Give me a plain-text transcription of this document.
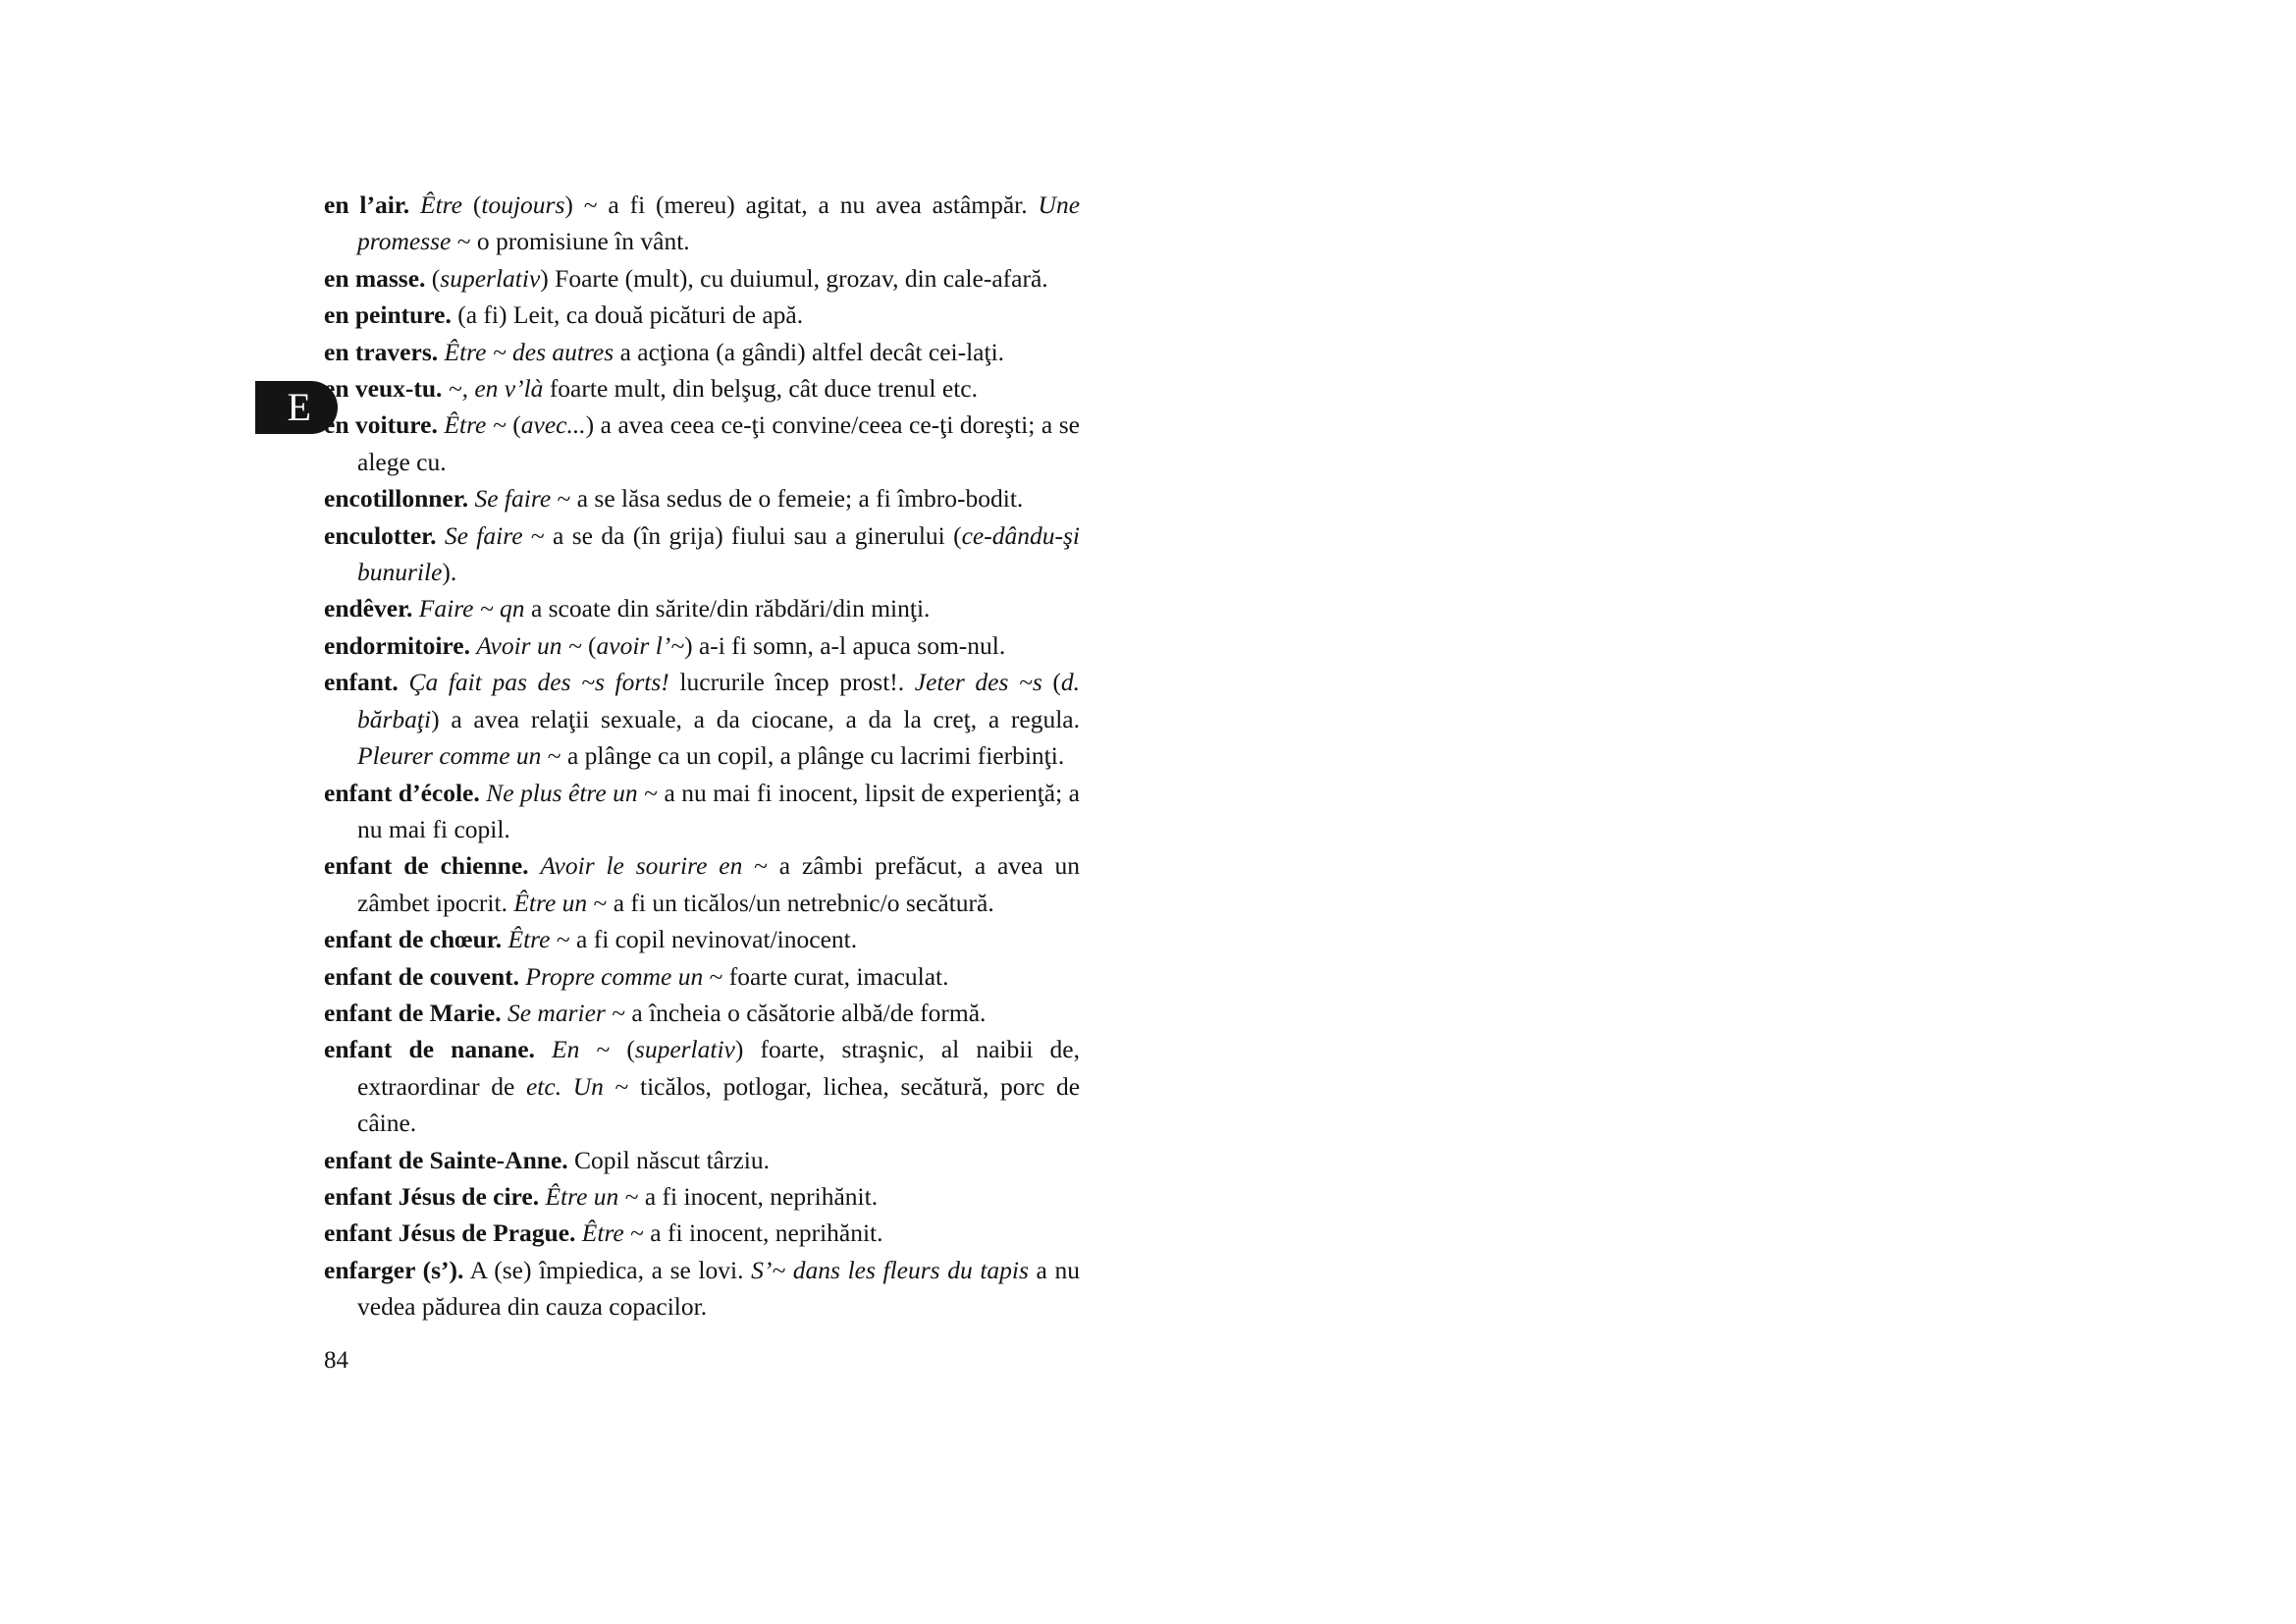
E

en l’air. Être (toujours) ~ a fi (mereu) agitat, a nu avea astâmpăr. Une promesse ~ o promisiune în vânt.

en masse. (superlativ) Foarte (mult), cu duiumul, grozav, din cale-afară.

en peinture. (a fi) Leit, ca două picături de apă.

en travers. Être ~ des autres a acţiona (a gândi) altfel decât cei-laţi.

en veux-tu. ~, en v’là foarte mult, din belşug, cât duce trenul etc.

en voiture. Être ~ (avec...) a avea ceea ce-ţi convine/ceea ce-ţi doreşti; a se alege cu.

encotillonner. Se faire ~ a se lăsa sedus de o femeie; a fi îmbro-bodit.

enculotter. Se faire ~ a se da (în grija) fiului sau a ginerului (ce-dându-şi bunurile).

endêver. Faire ~ qn a scoate din sărite/din răbdări/din minţi.

endormitoire. Avoir un ~ (avoir l’~) a-i fi somn, a-l apuca som-nul.

enfant. Ça fait pas des ~s forts! lucrurile încep prost!. Jeter des ~s (d. bărbaţi) a avea relaţii sexuale, a da ciocane, a da la creţ, a regula. Pleurer comme un ~ a plânge ca un copil, a plânge cu lacrimi fierbinţi.

enfant d’école. Ne plus être un ~ a nu mai fi inocent, lipsit de experienţă; a nu mai fi copil.

enfant de chienne. Avoir le sourire en ~ a zâmbi prefăcut, a avea un zâmbet ipocrit. Être un ~ a fi un ticălos/un netrebnic/o secătură.

enfant de chœur. Être ~ a fi copil nevinovat/inocent.

enfant de couvent. Propre comme un ~ foarte curat, imaculat.

enfant de Marie. Se marier ~ a încheia o căsătorie albă/de formă.

enfant de nanane. En ~ (superlativ) foarte, straşnic, al naibii de, extraordinar de etc. Un ~ ticălos, potlogar, lichea, secătură, porc de câine.

enfant de Sainte-Anne. Copil născut târziu.

enfant Jésus de cire. Être un ~ a fi inocent, neprihănit.

enfant Jésus de Prague. Être ~ a fi inocent, neprihănit.

enfarger (s’). A (se) împiedica, a se lovi. S’~ dans les fleurs du tapis a nu vedea pădurea din cauza copacilor.

84
